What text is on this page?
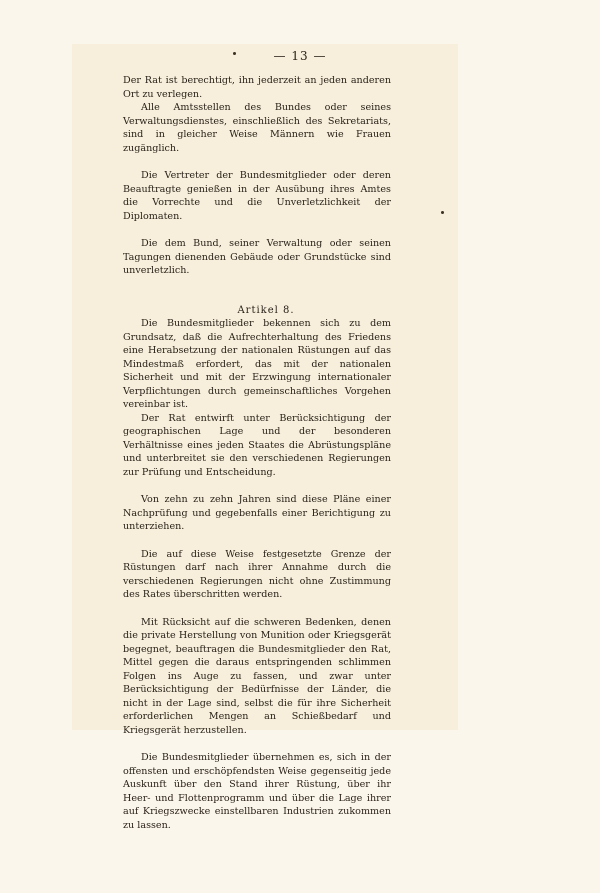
— 13 —

Der Rat ist berechtigt, ihn jederzeit an jeden anderen Ort zu verlegen.

Alle Amtsstellen des Bundes oder seines Verwaltungsdienstes, einschließlich des Sekretariats, sind in gleicher Weise Männern wie Frauen zugänglich.

Die Vertreter der Bundesmitglieder oder deren Beauftragte genießen in der Ausübung ihres Amtes die Vorrechte und die Unverletzlichkeit der Diplomaten.

Die dem Bund, seiner Verwaltung oder seinen Tagungen dienenden Gebäude oder Grundstücke sind unverletzlich.

Artikel 8.

Die Bundesmitglieder bekennen sich zu dem Grundsatz, daß die Aufrechterhaltung des Friedens eine Herabsetzung der nationalen Rüstungen auf das Mindestmaß erfordert, das mit der nationalen Sicherheit und mit der Erzwingung internationaler Verpflichtungen durch gemeinschaftliches Vorgehen vereinbar ist.

Der Rat entwirft unter Berücksichtigung der geographischen Lage und der besonderen Verhältnisse eines jeden Staates die Abrüstungspläne und unterbreitet sie den verschiedenen Regierungen zur Prüfung und Entscheidung.

Von zehn zu zehn Jahren sind diese Pläne einer Nachprüfung und gegebenfalls einer Berichtigung zu unterziehen.

Die auf diese Weise festgesetzte Grenze der Rüstungen darf nach ihrer Annahme durch die verschiedenen Regierungen nicht ohne Zustimmung des Rates überschritten werden.

Mit Rücksicht auf die schweren Bedenken, denen die private Herstellung von Munition oder Kriegsgerät begegnet, beauftragen die Bundesmitglieder den Rat, Mittel gegen die daraus entspringenden schlimmen Folgen ins Auge zu fassen, und zwar unter Berücksichtigung der Bedürfnisse der Länder, die nicht in der Lage sind, selbst die für ihre Sicherheit erforderlichen Mengen an Schießbedarf und Kriegsgerät herzustellen.

Die Bundesmitglieder übernehmen es, sich in der offensten und erschöpfendsten Weise gegenseitig jede Auskunft über den Stand ihrer Rüstung, über ihr Heer- und Flottenprogramm und über die Lage ihrer auf Kriegszwecke einstellbaren Industrien zukommen zu lassen.
